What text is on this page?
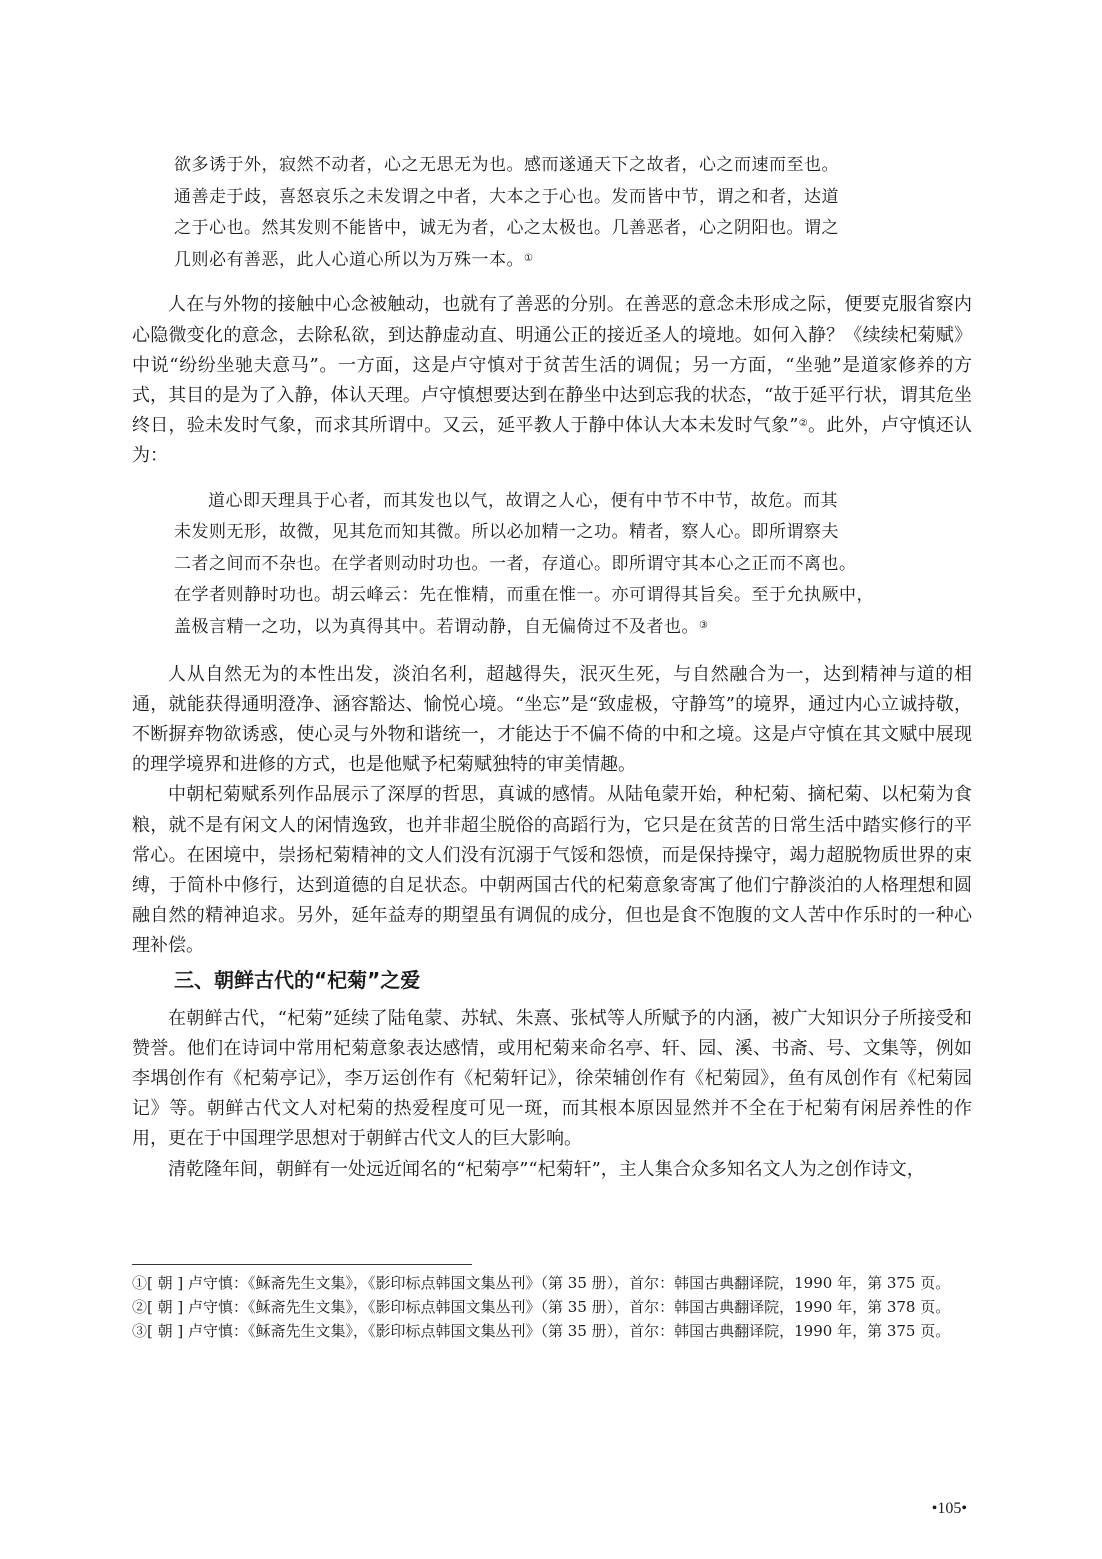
欲多诱于外，寂然不动者，心之无思无为也。感而遂通天下之故者，心之而速而至也。

通善走于歧，喜怒哀乐之未发谓之中者，大本之于心也。发而皆中节，谓之和者，达道

之于心也。然其发则不能皆中，诚无为者，心之太极也。几善恶者，心之阴阳也。谓之

几则必有善恶，此人心道心所以为万殊一本。①

人在与外物的接触中心念被触动，也就有了善恶的分别。在善恶的意念未形成之际，便要克服省察内心隐微变化的意念，去除私欲，到达静虚动直、明通公正的接近圣人的境地。如何入静？《续续杞菊赋》中说“纷纷坐驰夫意马”。一方面，这是卢守慎对于贫苦生活的调侃；另一方面，“坐驰”是道家修养的方式，其目的是为了入静，体认天理。卢守慎想要达到在静坐中达到忘我的状态，“故于延平行状，谓其危坐终日，验未发时气象，而求其所谓中。又云，延平教人于静中体认大本未发时气象”②。此外，卢守慎还认为：

道心即天理具于心者，而其发也以气，故谓之人心，便有中节不中节，故危。而其

未发则无形，故微，见其危而知其微。所以必加精一之功。精者，察人心。即所谓察夫

二者之间而不杂也。在学者则动时功也。一者，存道心。即所谓守其本心之正而不离也。

在学者则静时功也。胡云峰云：先在惟精，而重在惟一。亦可谓得其旨矣。至于允执厥中，

盖极言精一之功，以为真得其中。若谓动静，自无偏倚过不及者也。③

人从自然无为的本性出发，淡泊名利，超越得失，泯灭生死，与自然融合为一，达到精神与道的相通，就能获得通明澄净、涵容豁达、愉悦心境。“坐忘”是“致虚极，守静笃”的境界，通过内心立诚持敬，不断摒弃物欲诱惑，使心灵与外物和谐统一，才能达于不偏不倚的中和之境。这是卢守慎在其文赋中展现的理学境界和进修的方式，也是他赋予杞菊赋独特的审美情趣。

中朝杞菊赋系列作品展示了深厚的哲思，真诚的感情。从陆龟蒙开始，种杞菊、摘杞菊、以杞菊为食粮，就不是有闲文人的闲情逸致，也并非超尘脱俗的高蹈行为，它只是在贫苦的日常生活中踏实修行的平常心。在困境中，崇扬杞菊精神的文人们没有沉溺于气馁和怨愤，而是保持操守，竭力超脱物质世界的束缚，于简朴中修行，达到道德的自足状态。中朝两国古代的杞菊意象寄寓了他们宁静淡泊的人格理想和圆融自然的精神追求。另外，延年益寿的期望虽有调侃的成分，但也是食不饱腹的文人苦中作乐时的一种心理补偿。

三、朝鲜古代的“杞菊”之爱

在朝鲜古代，“杞菊”延续了陆龟蒙、苏轼、朱熹、张栻等人所赋予的内涵，被广大知识分子所接受和赞誉。他们在诗词中常用杞菊意象表达感情，或用杞菊来命名亭、轩、园、溪、书斋、号、文集等，例如李堣创作有《杞菊亭记》，李万运创作有《杞菊轩记》，徐荣辅创作有《杞菊园》，鱼有凤创作有《杞菊园记》等。朝鲜古代文人对杞菊的热爱程度可见一斑，而其根本原因显然并不全在于杞菊有闲居养性的作用，更在于中国理学思想对于朝鲜古代文人的巨大影响。

清乾隆年间，朝鲜有一处远近闻名的“杞菊亭”“杞菊轩”，主人集合众多知名文人为之创作诗文，

①[ 朝 ] 卢守慎：《稣斋先生文集》，《影印标点韩国文集丛刊》（第 35 册），首尔：韩国古典翻译院，1990 年，第 375 页。

②[ 朝 ] 卢守慎：《稣斋先生文集》，《影印标点韩国文集丛刊》（第 35 册），首尔：韩国古典翻译院，1990 年，第 378 页。

③[ 朝 ] 卢守慎：《稣斋先生文集》，《影印标点韩国文集丛刊》（第 35 册），首尔：韩国古典翻译院，1990 年，第 375 页。

•105•
